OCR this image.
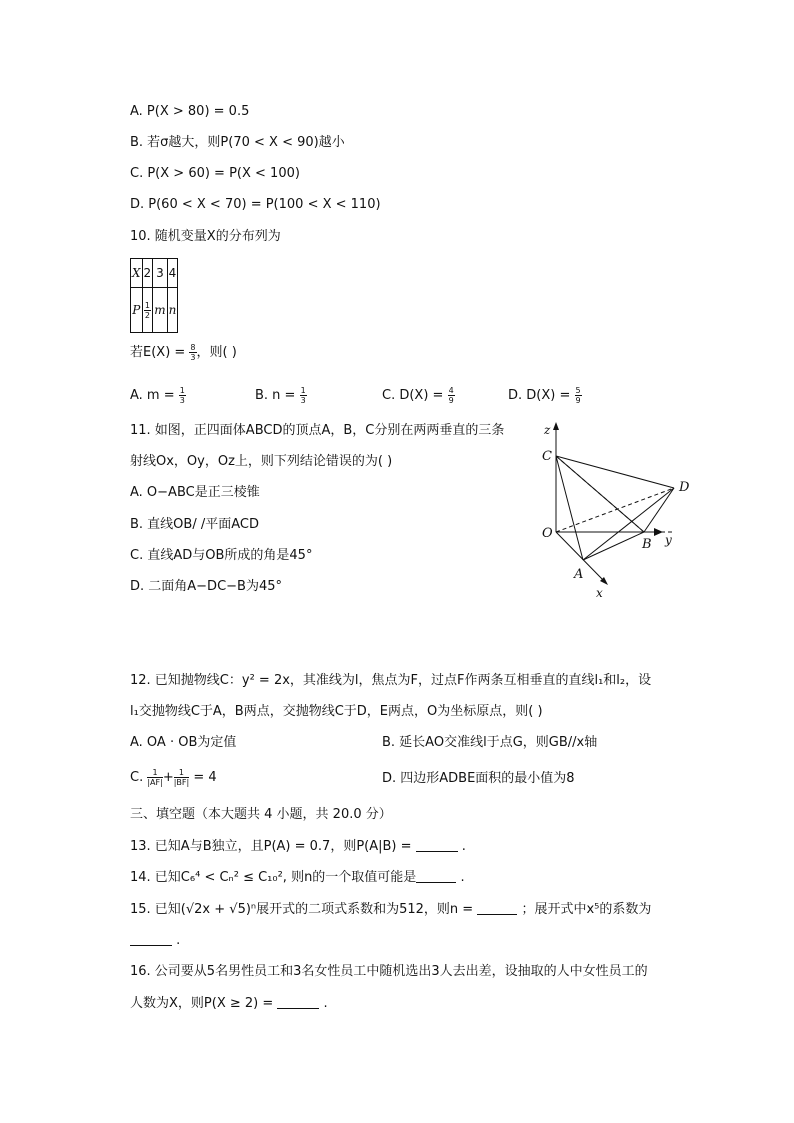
A. P(X > 80) = 0.5
B. 若σ越大，则P(70 < X < 90)越小
C. P(X > 60) = P(X < 100)
D. P(60 < X < 70) = P(100 < X < 110)
10. 随机变量X的分布列为
X	2	3	4
P	$\frac{1}{2}$	m	n
若$E(X) = \frac{8}{3}$ ，则( )
A. $m = \frac{1}{3}$	B. $n = \frac{1}{3}$	C. $D(X) = \frac{4}{9}$	D. $D(X) = \frac{5}{9}$
11. 如图，正四面体ABCD的顶点A，B，C分别在两两垂直的三条
射线Ox，Oy，Oz上，则下列结论错误的为( )
A. O−ABC是正三棱锥
B. 直线OB/ /平面ACD
C. 直线AD与OB所成的角是45°
D. 二面角A−DC−B为45°
z
C
D
O
B y
A
x
12. 已知抛物线C：y² = 2x，其准线为l，焦点为F，过点F作两条互相垂直的直线l₁和l₂，设
l₁交抛物线C于A，B两点，交抛物线C于D，E两点，O为坐标原点，则( )
A. OA · OB为定值	B. 延长AO交准线l于点G，则GB//x轴
C. $\frac{1}{|AF|} + \frac{1}{|BF|} = 4$	D. 四边形ADBE面积的最小值为8
三、填空题（本大题共 4 小题，共 20.0 分）
13. 已知A与B独立，且P(A) = 0.7，则P(A|B) =	.
14. 已知C₆⁴ < Cₙ² ≤ C₁₀², 则n的一个取值可能是	.
15. 已知(√2x + √5)ⁿ展开式的二项式系数和为512，则n =	；展开式中x⁵的系数为
.
16. 公司要从5名男性员工和3名女性员工中随机选出3人去出差，设抽取的人中女性员工的
人数为X，则P(X ≥ 2) =	.
